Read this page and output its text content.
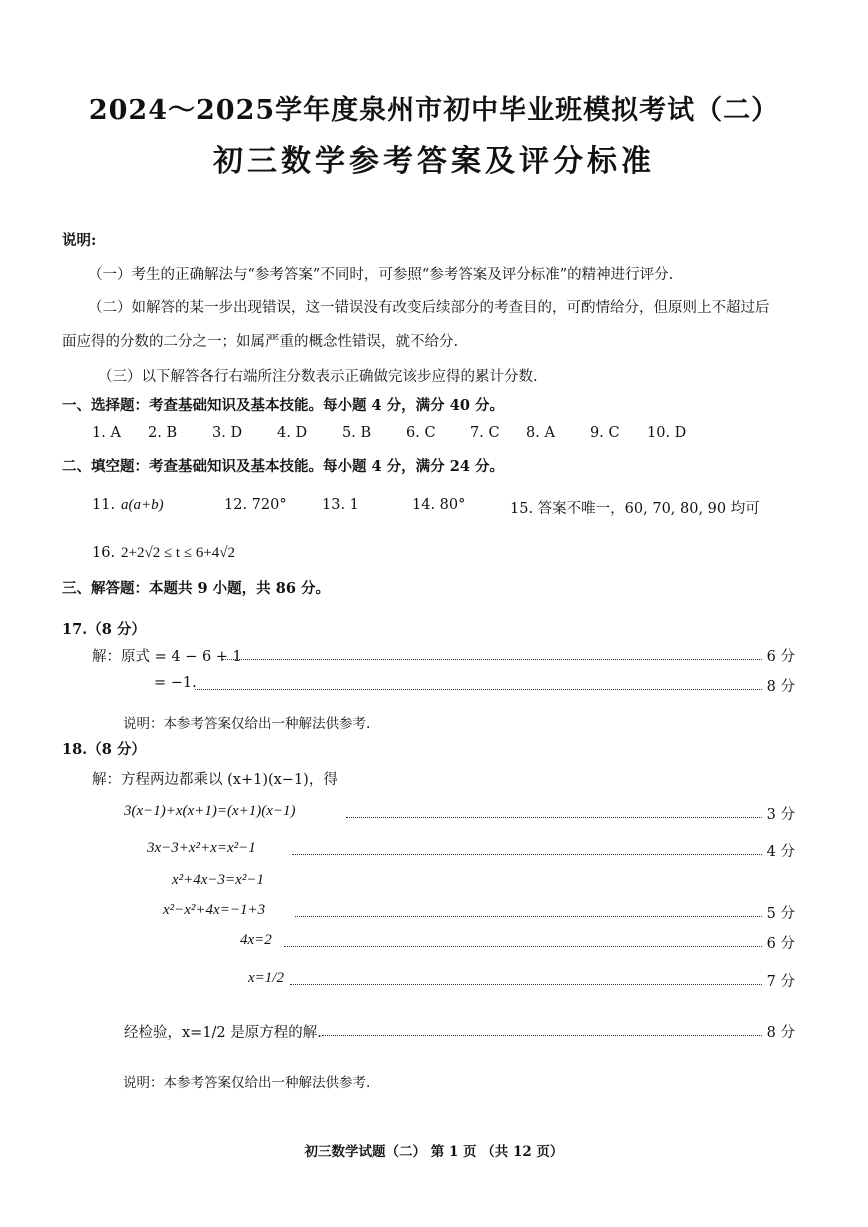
2024～2025学年度泉州市初中毕业班模拟考试（二）
初三数学参考答案及评分标准
说明:
（一）考生的正确解法与“参考答案”不同时，可参照“参考答案及评分标准”的精神进行评分.
（二）如解答的某一步出现错误，这一错误没有改变后续部分的考查目的，可酌情给分，但原则上不超过后
面应得的分数的二分之一；如属严重的概念性错误，就不给分.
（三）以下解答各行右端所注分数表示正确做完该步应得的累计分数.
一、选择题：考查基础知识及基本技能。每小题 4 分，满分 40 分。
1. A 2. B 3. D 4. D 5. B 6. C 7. C 8. A 9. C 10. D
二、填空题：考查基础知识及基本技能。每小题 4 分，满分 24 分。
11. a(a+b)	12. 720° 13. 1	14. 80°	15. 答案不唯一，60, 70, 80, 90 均可
16. 2+2√2 ≤ t ≤ 6+4√2
三、解答题：本题共 9 小题，共 86 分。
17.（8 分）
解：原式 = 4 − 6 + 1	6 分
= −1.	8 分
说明：本参考答案仅给出一种解法供参考.
18.（8 分）
解：方程两边都乘以 (x+1)(x−1)，得
3(x−1)+x(x+1)=(x+1)(x−1)	3 分
3x−3+x²+x=x²−1	4 分
x²+4x−3=x²−1
x²−x²+4x=−1+3	5 分
4x=2	6 分
x=1/2	7 分
经检验，x=1/2 是原方程的解.	8 分
说明：本参考答案仅给出一种解法供参考.
初三数学试题（二） 第 1 页 （共 12 页）
